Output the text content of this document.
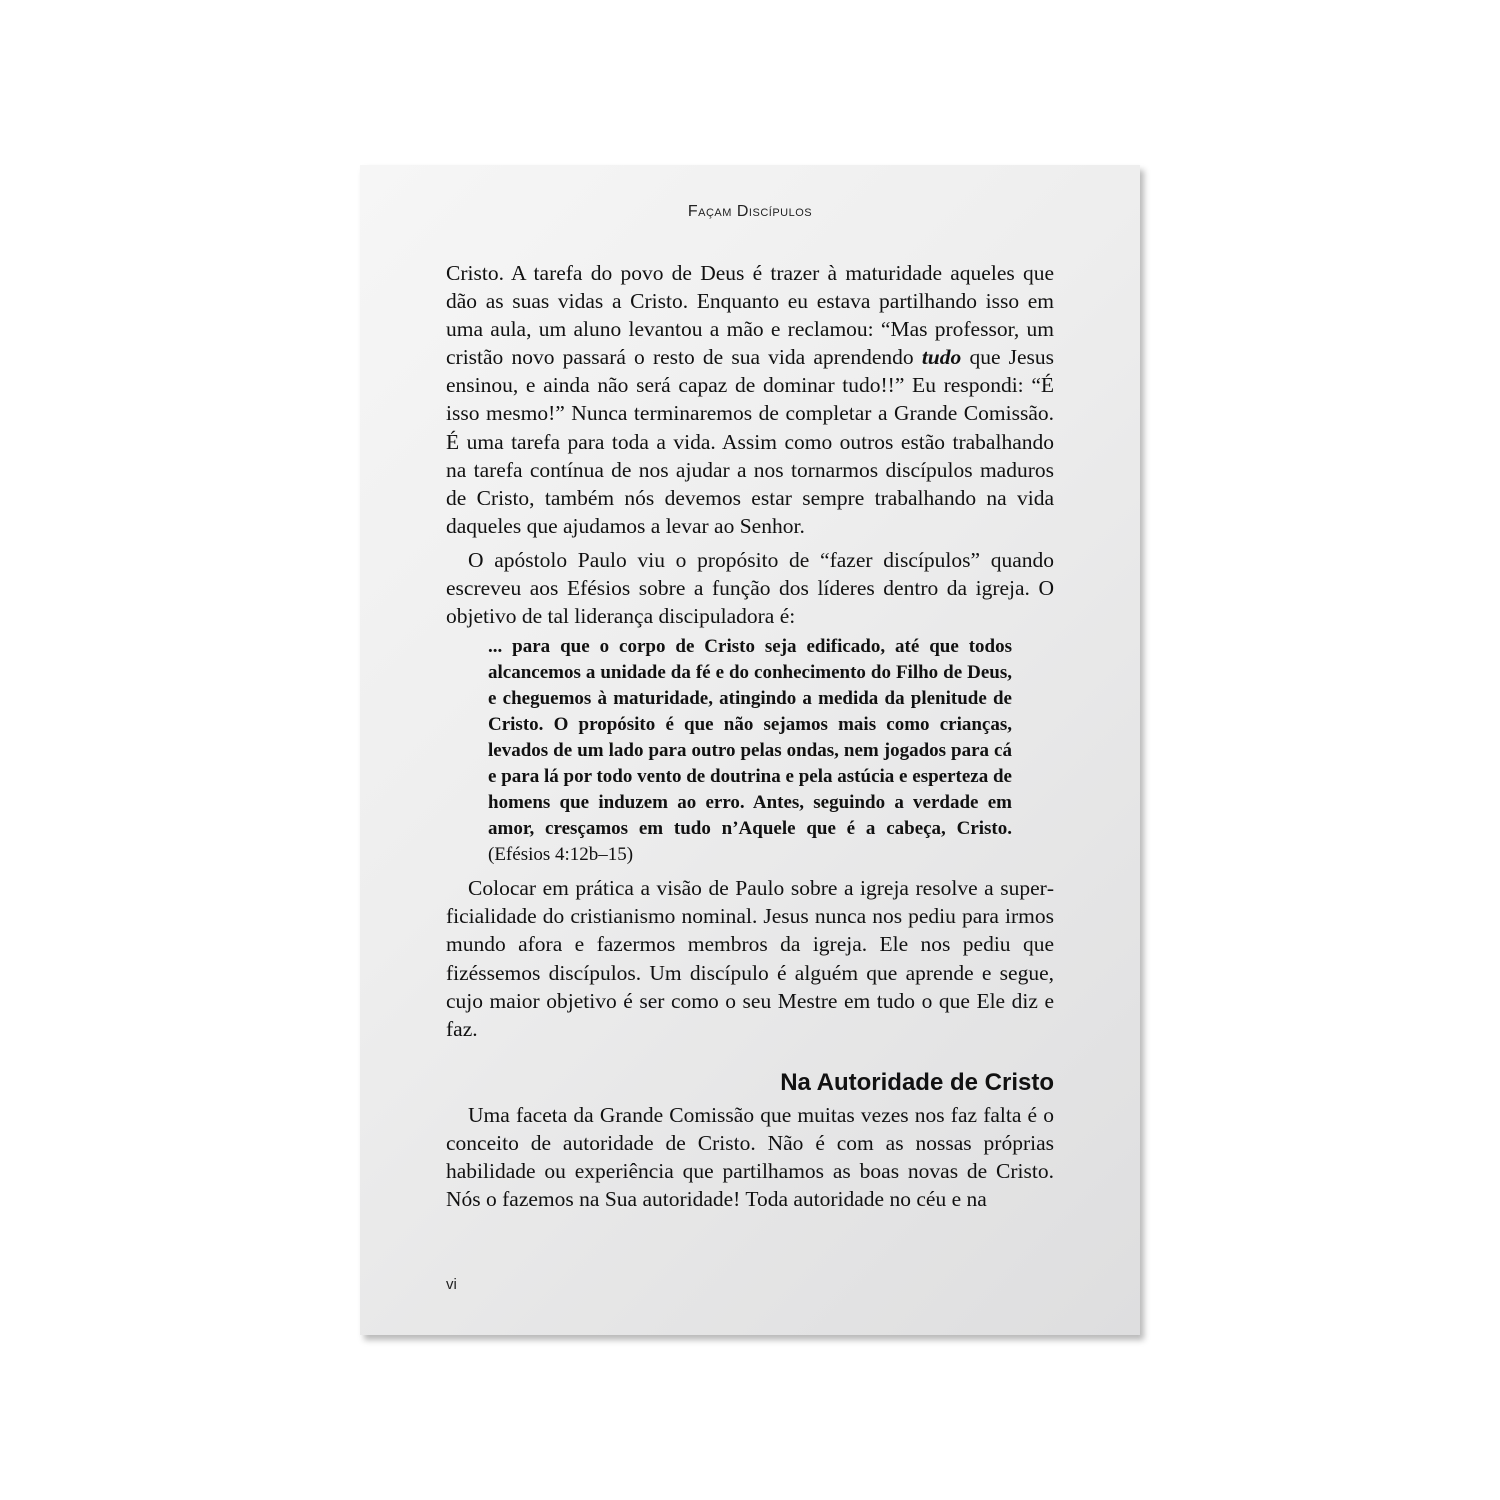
Façam Discípulos

Cristo. A tarefa do povo de Deus é trazer à maturidade aqueles que dão as suas vidas a Cristo. Enquanto eu estava partilhando isso em uma aula, um aluno levantou a mão e reclamou: “Mas professor, um cristão novo passará o resto de sua vida aprendendo tudo que Jesus ensinou, e ainda não será capaz de dominar tudo!!” Eu respondi: “É isso mesmo!” Nunca terminaremos de completar a Grande Comissão. É uma tarefa para toda a vida. Assim como outros estão trabalhando na tarefa contínua de nos ajudar a nos tornarmos discípulos maduros de Cristo, também nós devemos estar sempre trabalhando na vida daqueles que ajudamos a levar ao Senhor.

O apóstolo Paulo viu o propósito de “fazer discípulos” quando escreveu aos Efésios sobre a função dos líderes dentro da igreja. O objetivo de tal liderança discipuladora é:

... para que o corpo de Cristo seja edificado, até que todos alcancemos a unidade da fé e do conhecimento do Filho de Deus, e cheguemos à maturidade, atingindo a medida da plenitude de Cristo. O propósito é que não sejamos mais como crianças, levados de um lado para outro pelas ondas, nem jogados para cá e para lá por todo vento de doutrina e pela astúcia e esperteza de homens que induzem ao erro. Antes, seguindo a verdade em amor, cresçamos em tudo n’Aquele que é a cabeça, Cristo. (Efésios 4:12b–15)

Colocar em prática a visão de Paulo sobre a igreja resolve a superficialidade do cristianismo nominal. Jesus nunca nos pediu para irmos mundo afora e fazermos membros da igreja. Ele nos pediu que fizéssemos discípulos. Um discípulo é alguém que aprende e segue, cujo maior objetivo é ser como o seu Mestre em tudo o que Ele diz e faz.

Na Autoridade de Cristo

Uma faceta da Grande Comissão que muitas vezes nos faz falta é o conceito de autoridade de Cristo. Não é com as nossas próprias habilidade ou experiência que partilhamos as boas novas de Cristo. Nós o fazemos na Sua autoridade! Toda autoridade no céu e na

vi
